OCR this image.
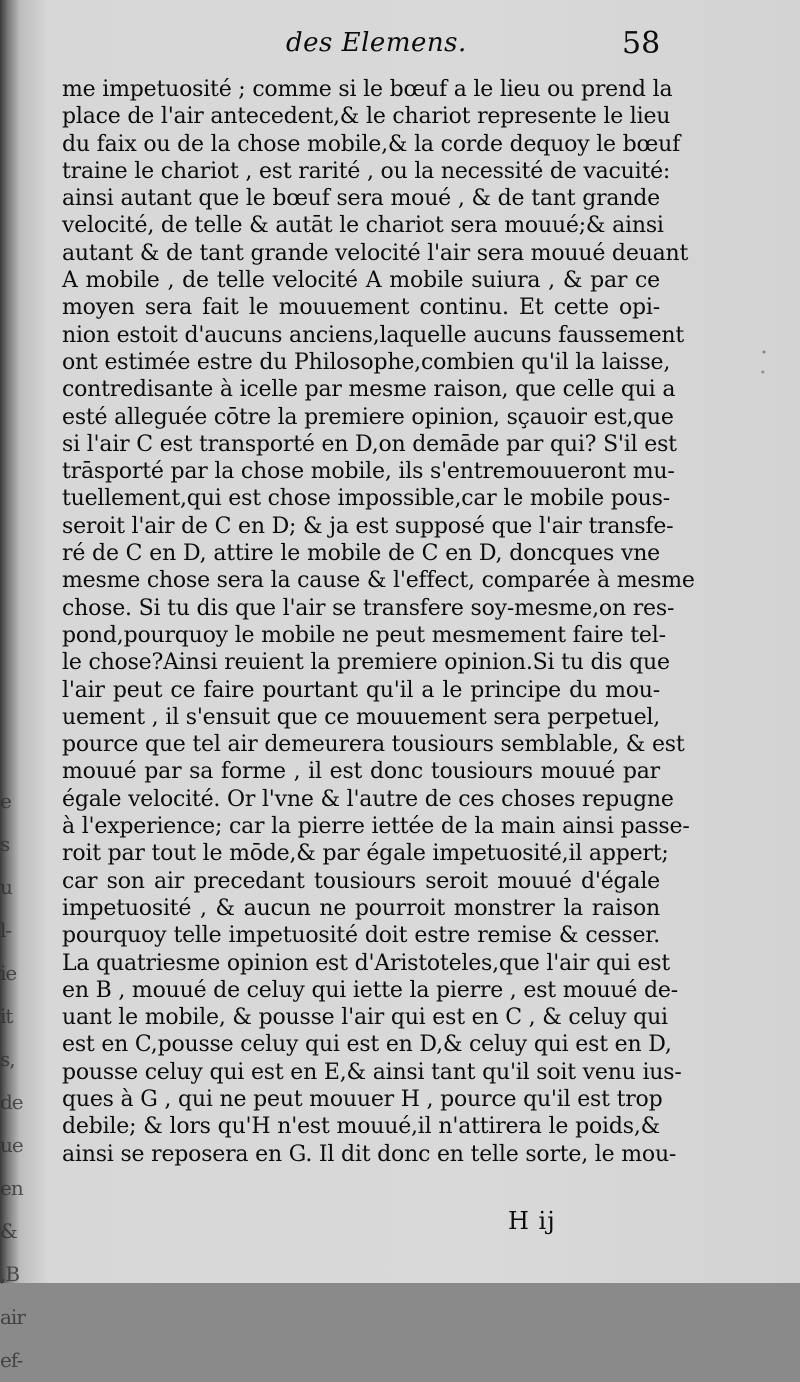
e
s
u
l-
ie
it
s,
de
ue
en
&
,B
air
ef-
des Elemens.	58
me impetuosité ; comme si le bœuf a le lieu ou prend la
place de l'air antecedent,& le chariot represente le lieu
du faix ou de la chose mobile,& la corde dequoy le bœuf
traine le chariot , est rarité , ou la necessité de vacuité:
ainsi autant que le bœuf sera moué , & de tant grande
velocité, de telle & autāt le chariot sera mouué;& ainsi
autant & de tant grande velocité l'air sera mouué deuant
A mobile , de telle velocité A mobile suiura , & par ce
moyen sera fait le mouuement continu. Et cette opi-
nion estoit d'aucuns anciens,laquelle aucuns faussement
ont estimée estre du Philosophe,combien qu'il la laisse,
contredisante à icelle par mesme raison, que celle qui a
esté alleguée cōtre la premiere opinion, sçauoir est,que
si l'air C est transporté en D,on demāde par qui? S'il est
trāsporté par la chose mobile, ils s'entremouueront mu-
tuellement,qui est chose impossible,car le mobile pous-
seroit l'air de C en D; & ja est supposé que l'air transfe-
ré de C en D, attire le mobile de C en D, doncques vne
mesme chose sera la cause & l'effect, comparée à mesme
chose. Si tu dis que l'air se transfere soy-mesme,on res-
pond,pourquoy le mobile ne peut mesmement faire tel-
le chose?Ainsi reuient la premiere opinion.Si tu dis que
l'air peut ce faire pourtant qu'il a le principe du mou-
uement , il s'ensuit que ce mouuement sera perpetuel,
pource que tel air demeurera tousiours semblable, & est
mouué par sa forme , il est donc tousiours mouué par
égale velocité. Or l'vne & l'autre de ces choses repugne
à l'experience; car la pierre iettée de la main ainsi passe-
roit par tout le mōde,& par égale impetuosité,il appert;
car son air precedant tousiours seroit mouué d'égale
impetuosité , & aucun ne pourroit monstrer la raison
pourquoy telle impetuosité doit estre remise & cesser.
La quatriesme opinion est d'Aristoteles,que l'air qui est
en B , mouué de celuy qui iette la pierre , est mouué de-
uant le mobile, & pousse l'air qui est en C , & celuy qui
est en C,pousse celuy qui est en D,& celuy qui est en D,
pousse celuy qui est en E,& ainsi tant qu'il soit venu ius-
ques à G , qui ne peut mouuer H , pource qu'il est trop
debile; & lors qu'H n'est mouué,il n'attirera le poids,&
ainsi se reposera en G. Il dit donc en telle sorte, le mou-
H ij
